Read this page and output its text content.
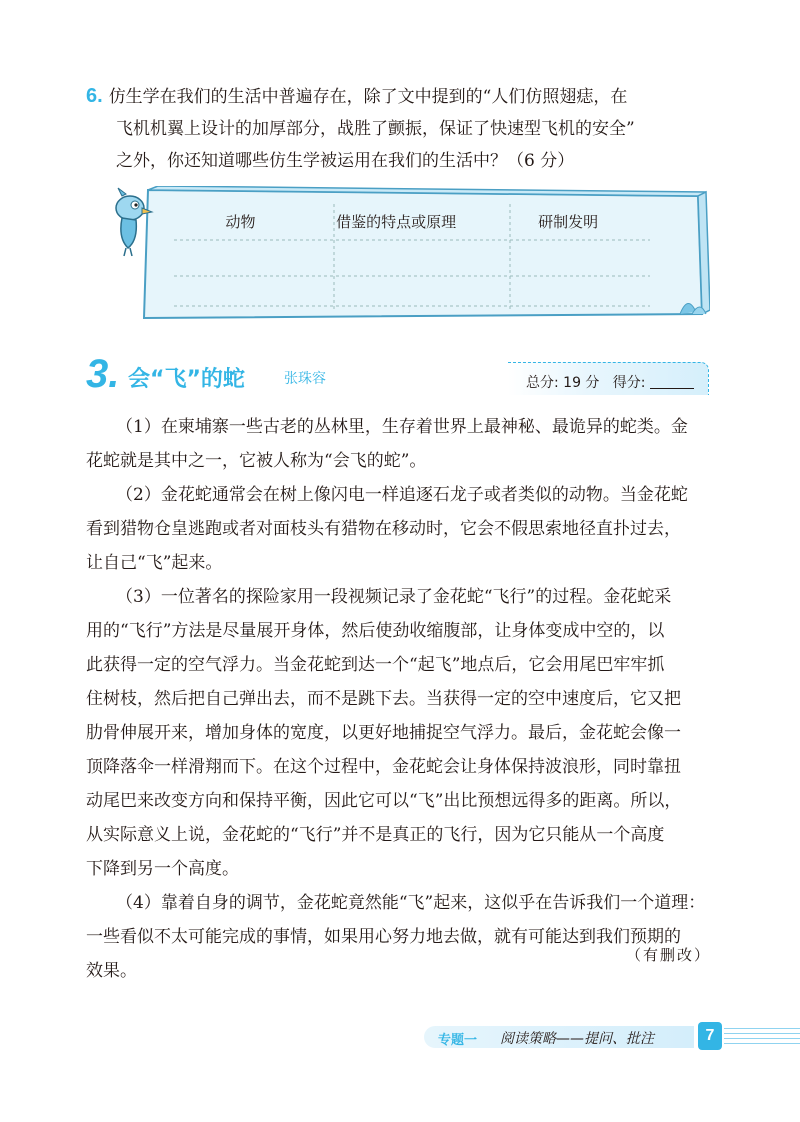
6. 仿生学在我们的生活中普遍存在，除了文中提到的“人们仿照翅痣，在
飞机机翼上设计的加厚部分，战胜了颤振，保证了快速型飞机的安全”
之外，你还知道哪些仿生学被运用在我们的生活中？（6 分）
动物	借鉴的特点或原理	研制发明
3. 会“飞”的蛇	张珠容	总分: 19 分 得分:

（1）在柬埔寨一些古老的丛林里，生存着世界上最神秘、最诡异的蛇类。金
花蛇就是其中之一，它被人称为“会飞的蛇”。

（2）金花蛇通常会在树上像闪电一样追逐石龙子或者类似的动物。当金花蛇
看到猎物仓皇逃跑或者对面枝头有猎物在移动时，它会不假思索地径直扑过去，
让自己“飞”起来。

（3）一位著名的探险家用一段视频记录了金花蛇“飞行”的过程。金花蛇采
用的“飞行”方法是尽量展开身体，然后使劲收缩腹部，让身体变成中空的，以
此获得一定的空气浮力。当金花蛇到达一个“起飞”地点后，它会用尾巴牢牢抓
住树枝，然后把自己弹出去，而不是跳下去。当获得一定的空中速度后，它又把
肋骨伸展开来，增加身体的宽度，以更好地捕捉空气浮力。最后，金花蛇会像一
顶降落伞一样滑翔而下。在这个过程中，金花蛇会让身体保持波浪形，同时靠扭
动尾巴来改变方向和保持平衡，因此它可以“飞”出比预想远得多的距离。所以，
从实际意义上说，金花蛇的“飞行”并不是真正的飞行，因为它只能从一个高度
下降到另一个高度。

（4）靠着自身的调节，金花蛇竟然能“飞”起来，这似乎在告诉我们一个道理：
一些看似不太可能完成的事情，如果用心努力地去做，就有可能达到我们预期的
效果。

（有删改）
专题一 阅读策略——提问、批注	7
